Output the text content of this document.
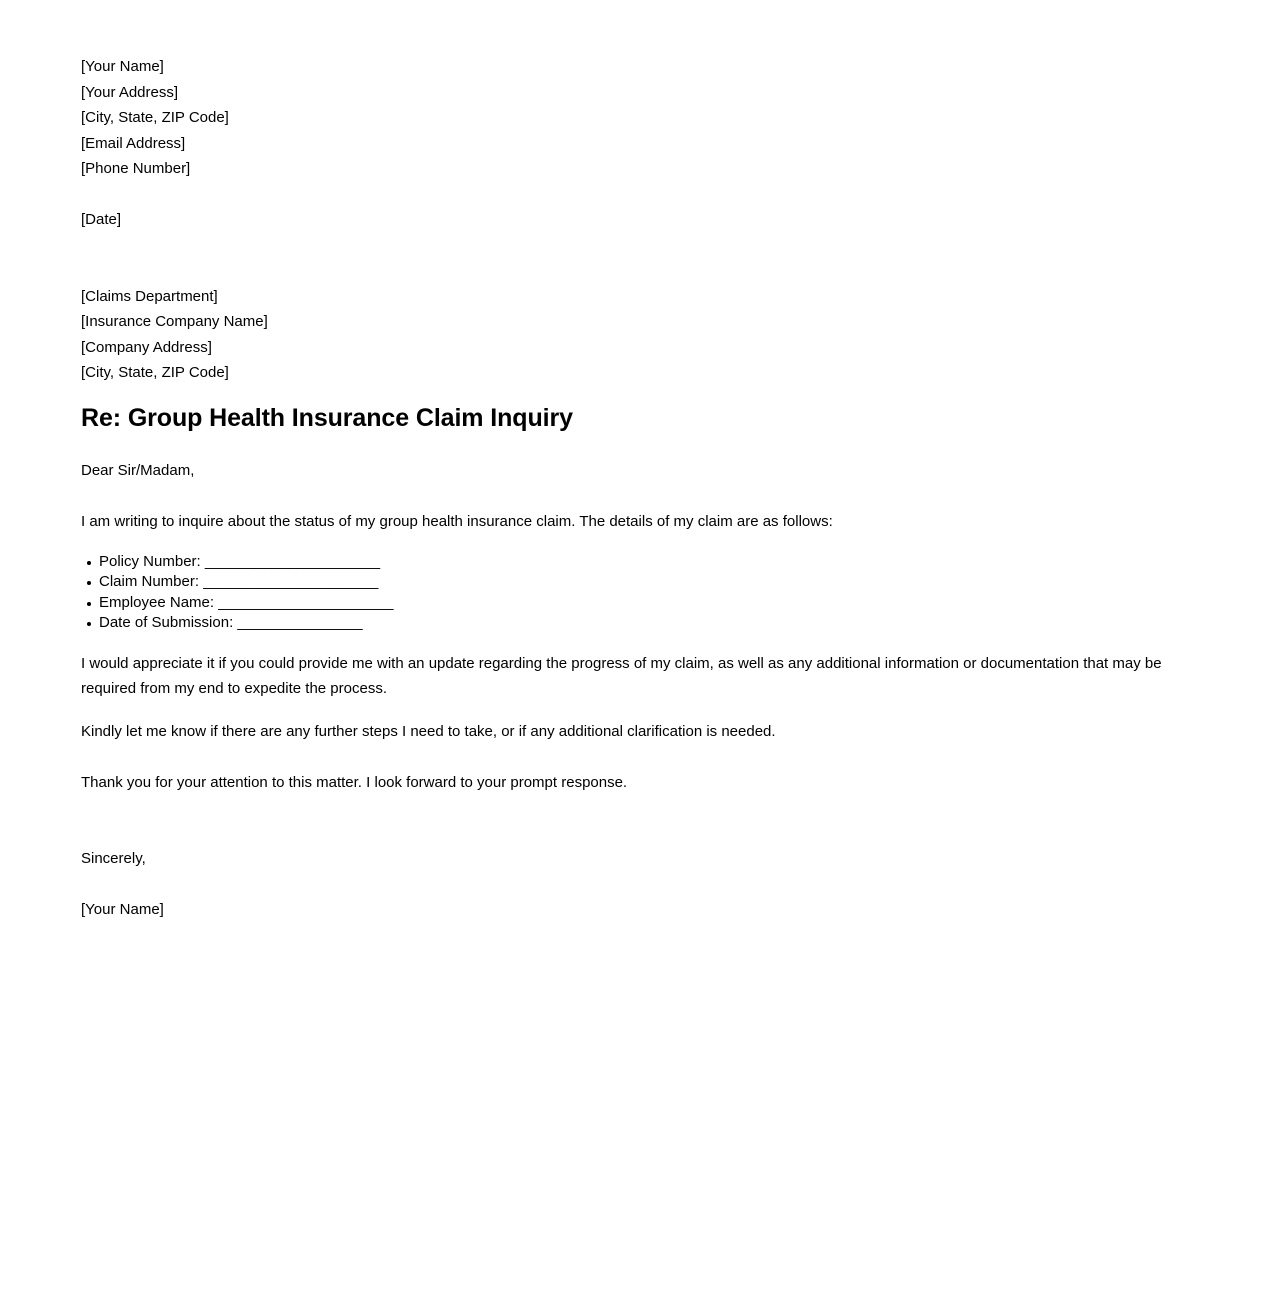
[Your Name]
[Your Address]
[City, State, ZIP Code]
[Email Address]
[Phone Number]
[Date]
[Claims Department]
[Insurance Company Name]
[Company Address]
[City, State, ZIP Code]
Re: Group Health Insurance Claim Inquiry

Dear Sir/Madam,

I am writing to inquire about the status of my group health insurance claim. The details of my claim are as follows:

Policy Number: _____________________
Claim Number: _____________________
Employee Name: _____________________
Date of Submission: _______________

I would appreciate it if you could provide me with an update regarding the progress of my claim, as well as any additional information or documentation that may be required from my end to expedite the process.

Kindly let me know if there are any further steps I need to take, or if any additional clarification is needed.

Thank you for your attention to this matter. I look forward to your prompt response.

Sincerely,

[Your Name]
